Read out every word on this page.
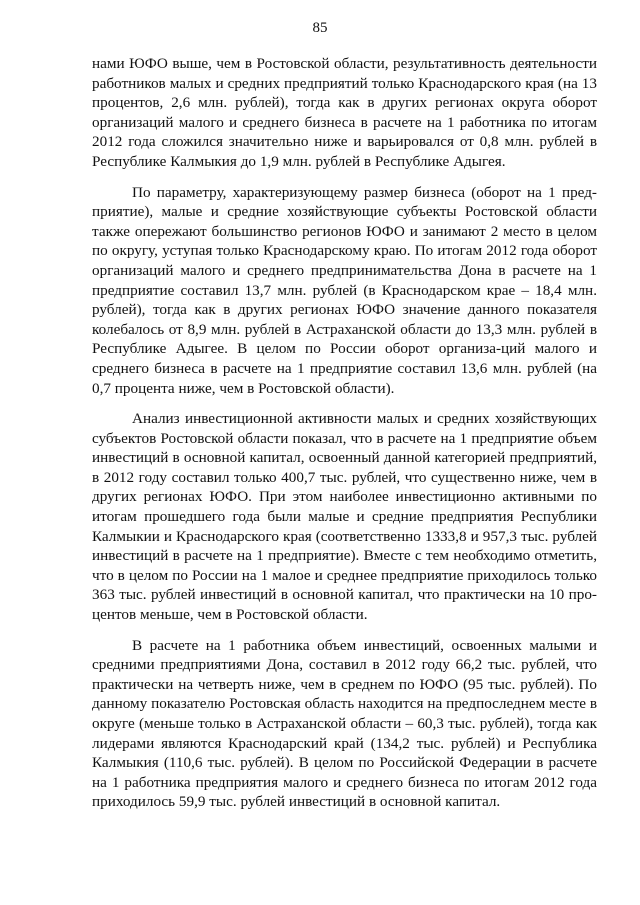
85

нами ЮФО выше, чем в Ростовской области, результативность деятельности работников малых и средних предприятий только Краснодарского края (на 13 процентов, 2,6 млн. рублей), тогда как в других регионах округа оборот организаций малого и среднего бизнеса в расчете на 1 работника по итогам 2012 года сложился значительно ниже и варьировался от 0,8 млн. рублей в Республике Калмыкия до 1,9 млн. рублей в Республике Адыгея.

По параметру, характеризующему размер бизнеса (оборот на 1 пред-приятие), малые и средние хозяйствующие субъекты Ростовской области также опережают большинство регионов ЮФО и занимают 2 место в целом по округу, уступая только Краснодарскому краю. По итогам 2012 года оборот организаций малого и среднего предпринимательства Дона в расчете на 1 предприятие составил 13,7 млн. рублей (в Краснодарском крае – 18,4 млн. рублей), тогда как в других регионах ЮФО значение данного показателя колебалось от 8,9 млн. рублей в Астраханской области до 13,3 млн. рублей в Республике Адыгее. В целом по России оборот организа-ций малого и среднего бизнеса в расчете на 1 предприятие составил 13,6 млн. рублей (на 0,7 процента ниже, чем в Ростовской области).

Анализ инвестиционной активности малых и средних хозяйствующих субъектов Ростовской области показал, что в расчете на 1 предприятие объем инвестиций в основной капитал, освоенный данной категорией предприятий, в 2012 году составил только 400,7 тыс. рублей, что существенно ниже, чем в других регионах ЮФО. При этом наиболее инвестиционно активными по итогам прошедшего года были малые и средние предприятия Республики Калмыкии и Краснодарского края (соответственно 1333,8 и 957,3 тыс. рублей инвестиций в расчете на 1 предприятие). Вместе с тем необходимо отметить, что в целом по России на 1 малое и среднее предприятие приходилось только 363 тыс. рублей инвестиций в основной капитал, что практически на 10 про-центов меньше, чем в Ростовской области.

В расчете на 1 работника объем инвестиций, освоенных малыми и средними предприятиями Дона, составил в 2012 году 66,2 тыс. рублей, что практически на четверть ниже, чем в среднем по ЮФО (95 тыс. рублей). По данному показателю Ростовская область находится на предпоследнем месте в округе (меньше только в Астраханской области – 60,3 тыс. рублей), тогда как лидерами являются Краснодарский край (134,2 тыс. рублей) и Республика Калмыкия (110,6 тыс. рублей). В целом по Российской Федерации в расчете на 1 работника предприятия малого и среднего бизнеса по итогам 2012 года приходилось 59,9 тыс. рублей инвестиций в основной капитал.
